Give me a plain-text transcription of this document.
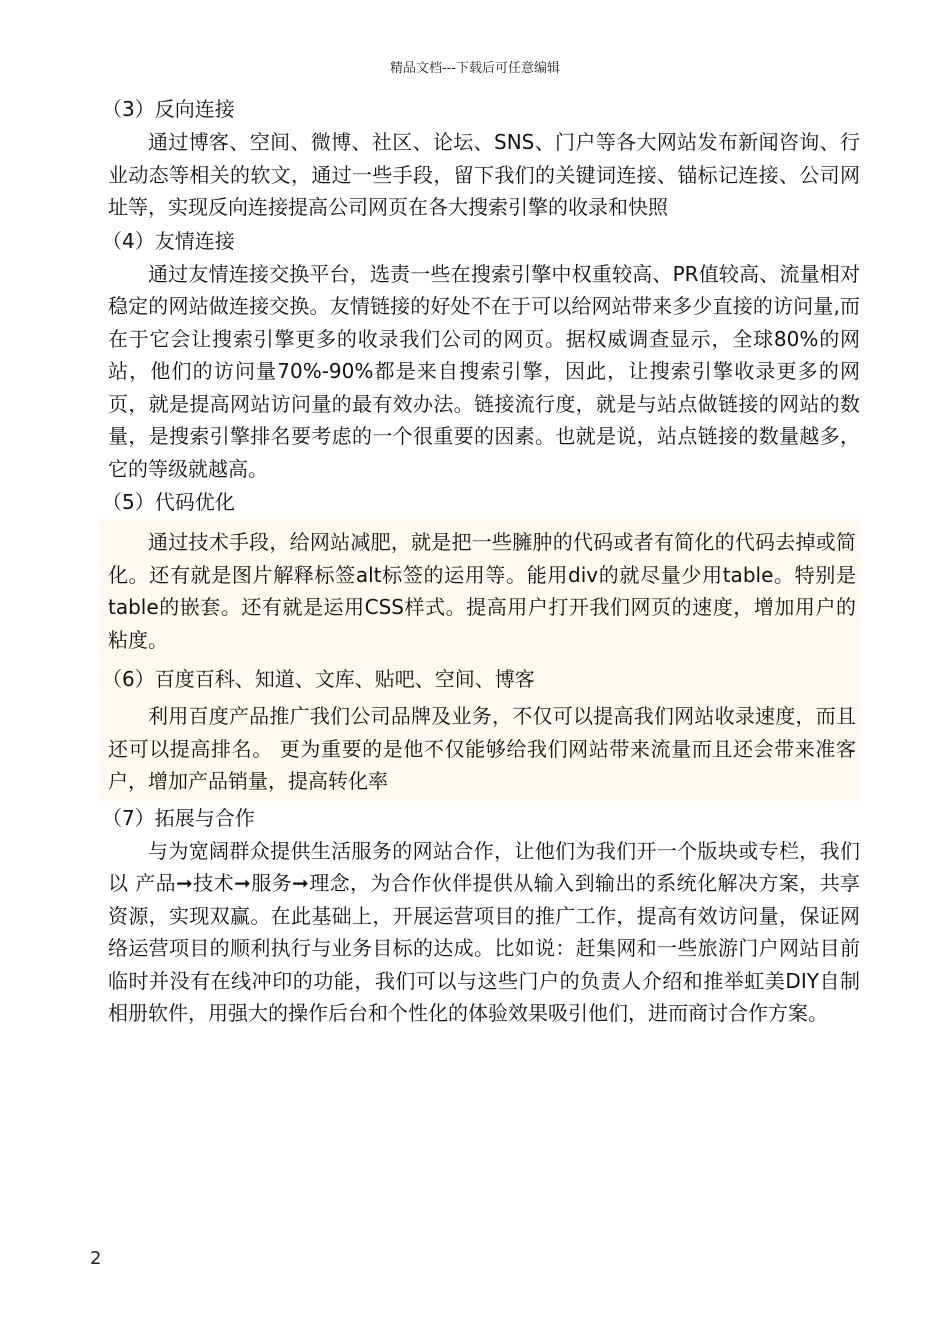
精品文档---下载后可任意编辑

（3）反向连接

通过博客、空间、微博、社区、论坛、SNS、门户等各大网站发布新闻咨询、行业动态等相关的软文，通过一些手段，留下我们的关键词连接、锚标记连接、公司网址等，实现反向连接提高公司网页在各大搜索引擎的收录和快照

（4）友情连接

通过友情连接交换平台，选责一些在搜索引擎中权重较高、PR值较高、流量相对稳定的网站做连接交换。友情链接的好处不在于可以给网站带来多少直接的访问量,而在于它会让搜索引擎更多的收录我们公司的网页。据权威调查显示，全球80%的网站，他们的访问量70%-90%都是来自搜索引擎，因此，让搜索引擎收录更多的网页，就是提高网站访问量的最有效办法。链接流行度，就是与站点做链接的网站的数量，是搜索引擎排名要考虑的一个很重要的因素。也就是说，站点链接的数量越多，它的等级就越高。

（5）代码优化

通过技术手段，给网站减肥，就是把一些臃肿的代码或者有简化的代码去掉或简化。还有就是图片解释标签alt标签的运用等。能用div的就尽量少用table。特别是table的嵌套。还有就是运用CSS样式。提高用户打开我们网页的速度，增加用户的粘度。

（6）百度百科、知道、文库、贴吧、空间、博客

利用百度产品推广我们公司品牌及业务，不仅可以提高我们网站收录速度，而且还可以提高排名。 更为重要的是他不仅能够给我们网站带来流量而且还会带来准客户，增加产品销量，提高转化率

（7）拓展与合作

与为宽阔群众提供生活服务的网站合作，让他们为我们开一个版块或专栏，我们以 产品➞技术➞服务➞理念，为合作伙伴提供从输入到输出的系统化解决方案，共享资源，实现双赢。在此基础上，开展运营项目的推广工作，提高有效访问量，保证网络运营项目的顺利执行与业务目标的达成。比如说：赶集网和一些旅游门户网站目前临时并没有在线冲印的功能，我们可以与这些门户的负责人介绍和推举虹美DIY自制相册软件，用强大的操作后台和个性化的体验效果吸引他们，进而商讨合作方案。

2
